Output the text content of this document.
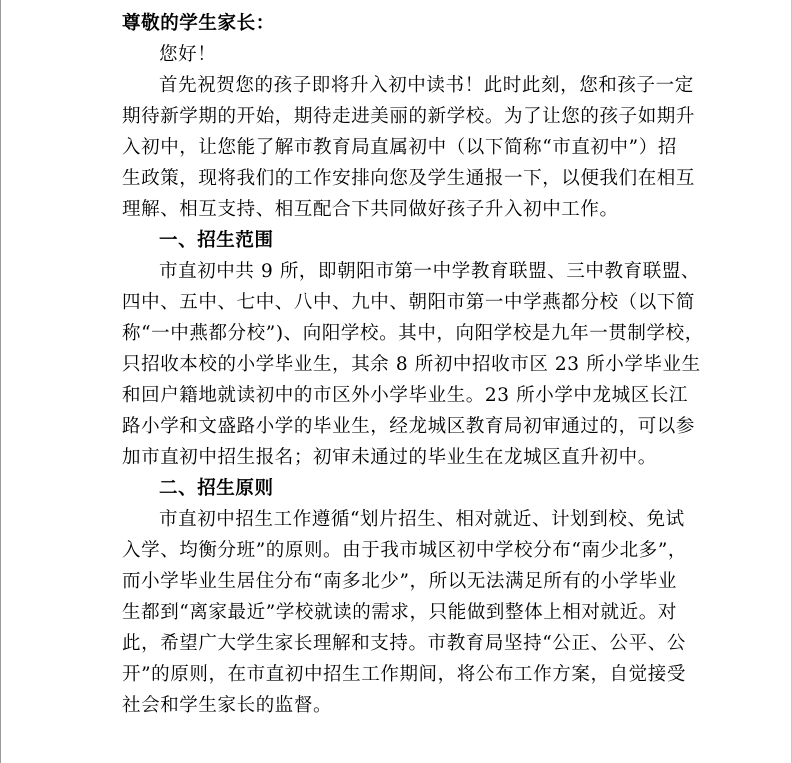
尊敬的学生家长：
您好！
首先祝贺您的孩子即将升入初中读书！此时此刻，您和孩子一定
期待新学期的开始，期待走进美丽的新学校。为了让您的孩子如期升
入初中，让您能了解市教育局直属初中（以下简称“市直初中”）招
生政策，现将我们的工作安排向您及学生通报一下，以便我们在相互
理解、相互支持、相互配合下共同做好孩子升入初中工作。
一、招生范围
市直初中共 9 所，即朝阳市第一中学教育联盟、三中教育联盟、
四中、五中、七中、八中、九中、朝阳市第一中学燕都分校（以下简
称“一中燕都分校”)、向阳学校。其中，向阳学校是九年一贯制学校，
只招收本校的小学毕业生，其余 8 所初中招收市区 23 所小学毕业生
和回户籍地就读初中的市区外小学毕业生。23 所小学中龙城区长江
路小学和文盛路小学的毕业生，经龙城区教育局初审通过的，可以参
加市直初中招生报名；初审未通过的毕业生在龙城区直升初中。
二、招生原则
市直初中招生工作遵循“划片招生、相对就近、计划到校、免试
入学、均衡分班”的原则。由于我市城区初中学校分布“南少北多”，
而小学毕业生居住分布“南多北少”，所以无法满足所有的小学毕业
生都到“离家最近”学校就读的需求，只能做到整体上相对就近。对
此，希望广大学生家长理解和支持。市教育局坚持“公正、公平、公
开”的原则，在市直初中招生工作期间，将公布工作方案，自觉接受
社会和学生家长的监督。
